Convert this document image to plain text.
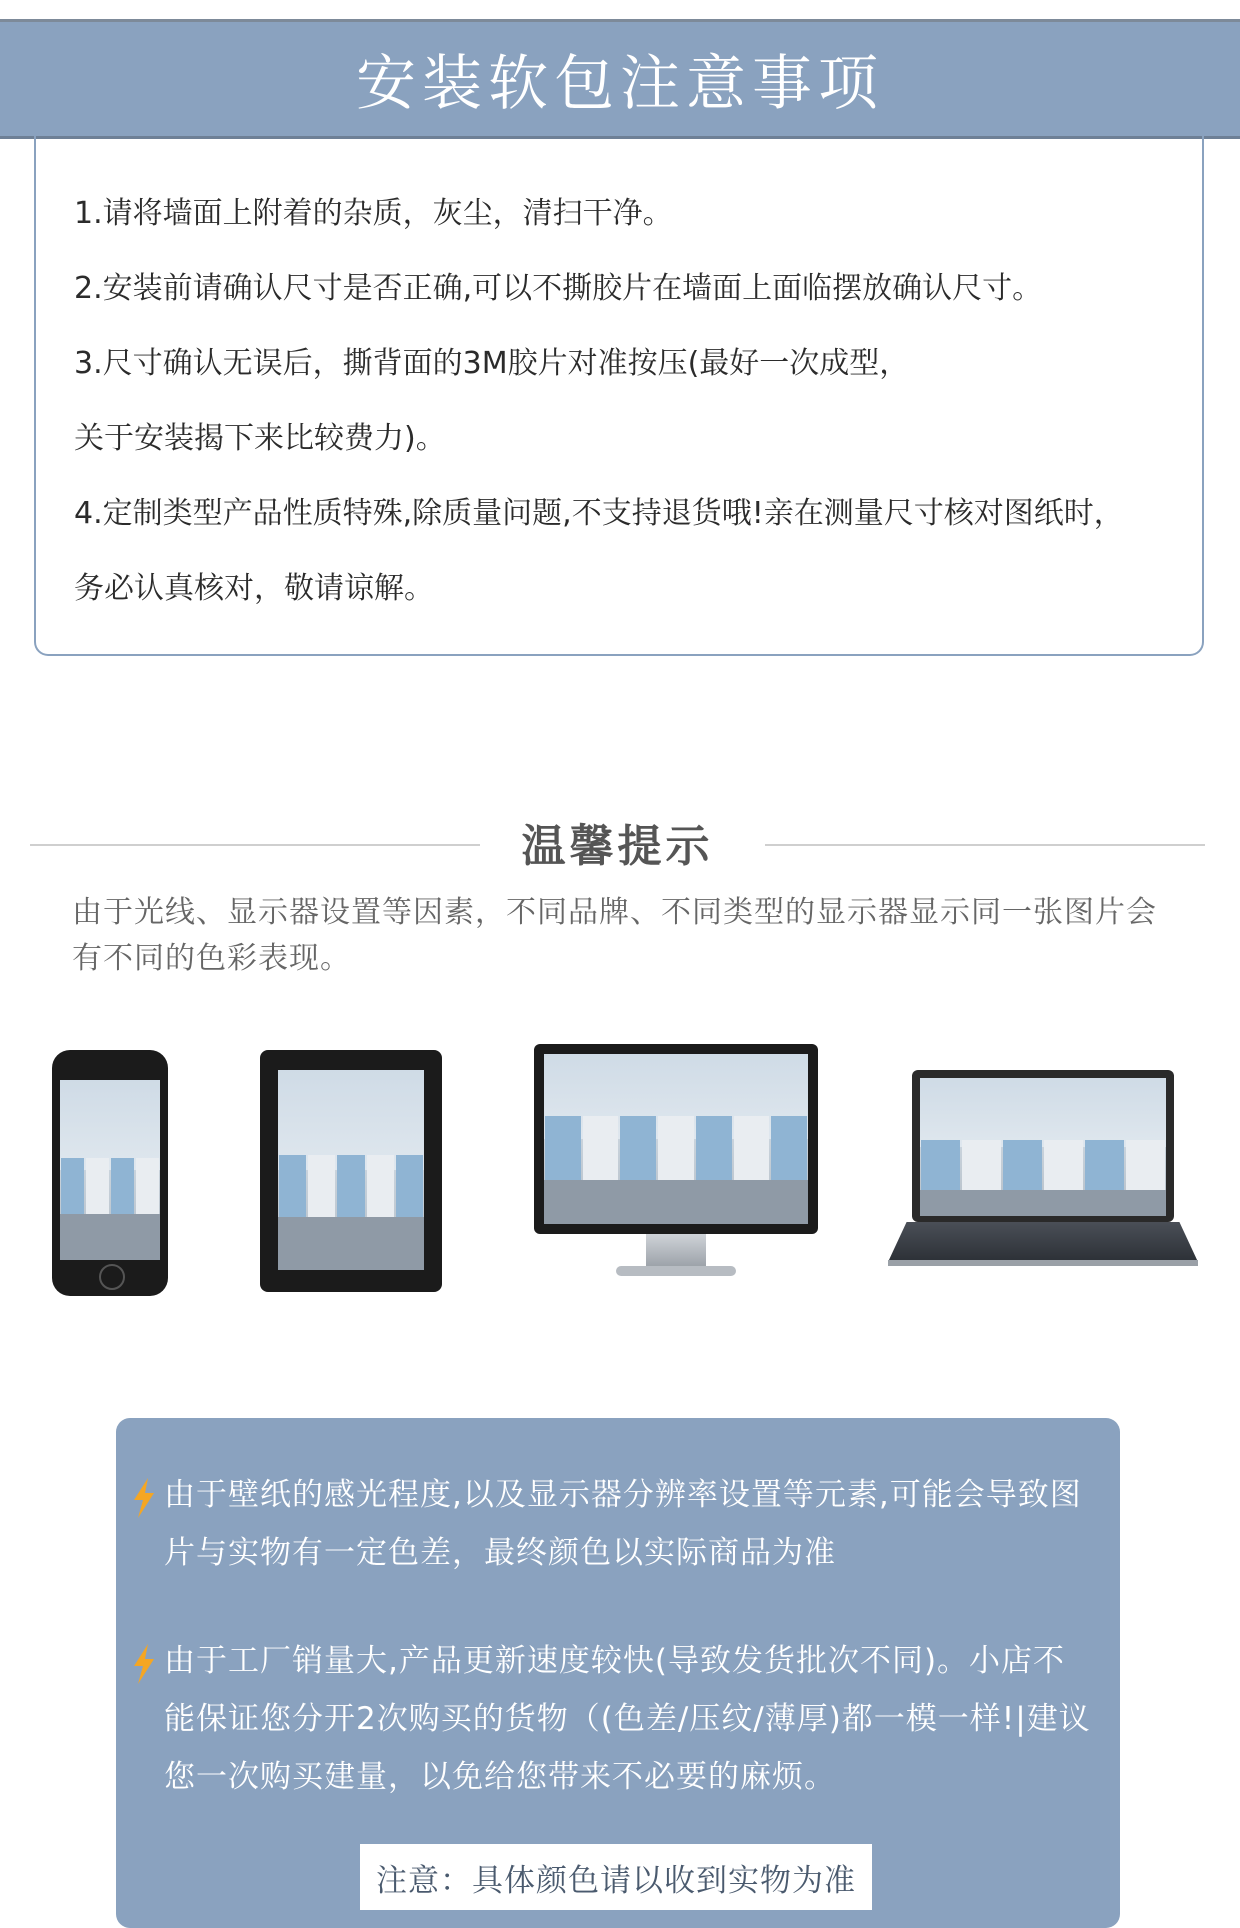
安装软包注意事项
1.请将墙面上附着的杂质，灰尘，清扫干净。
2.安装前请确认尺寸是否正确,可以不撕胶片在墙面上面临摆放确认尺寸。
3.尺寸确认无误后，撕背面的3M胶片对准按压(最好一次成型，
关于安装揭下来比较费力)。
4.定制类型产品性质特殊,除质量问题,不支持退货哦!亲在测量尺寸核对图纸时，
务必认真核对，敬请谅解。
温馨提示
由于光线、显示器设置等因素，不同品牌、不同类型的显示器显示同一张图片会有不同的色彩表现。
由于壁纸的感光程度,以及显示器分辨率设置等元素,可能会导致图片与实物有一定色差，最终颜色以实际商品为准
由于工厂销量大,产品更新速度较快(导致发货批次不同)。小店不能保证您分开2次购买的货物（(色差/压纹/薄厚)都一模一样!|建议您一次购买建量，以免给您带来不必要的麻烦。
注意：具体颜色请以收到实物为准
